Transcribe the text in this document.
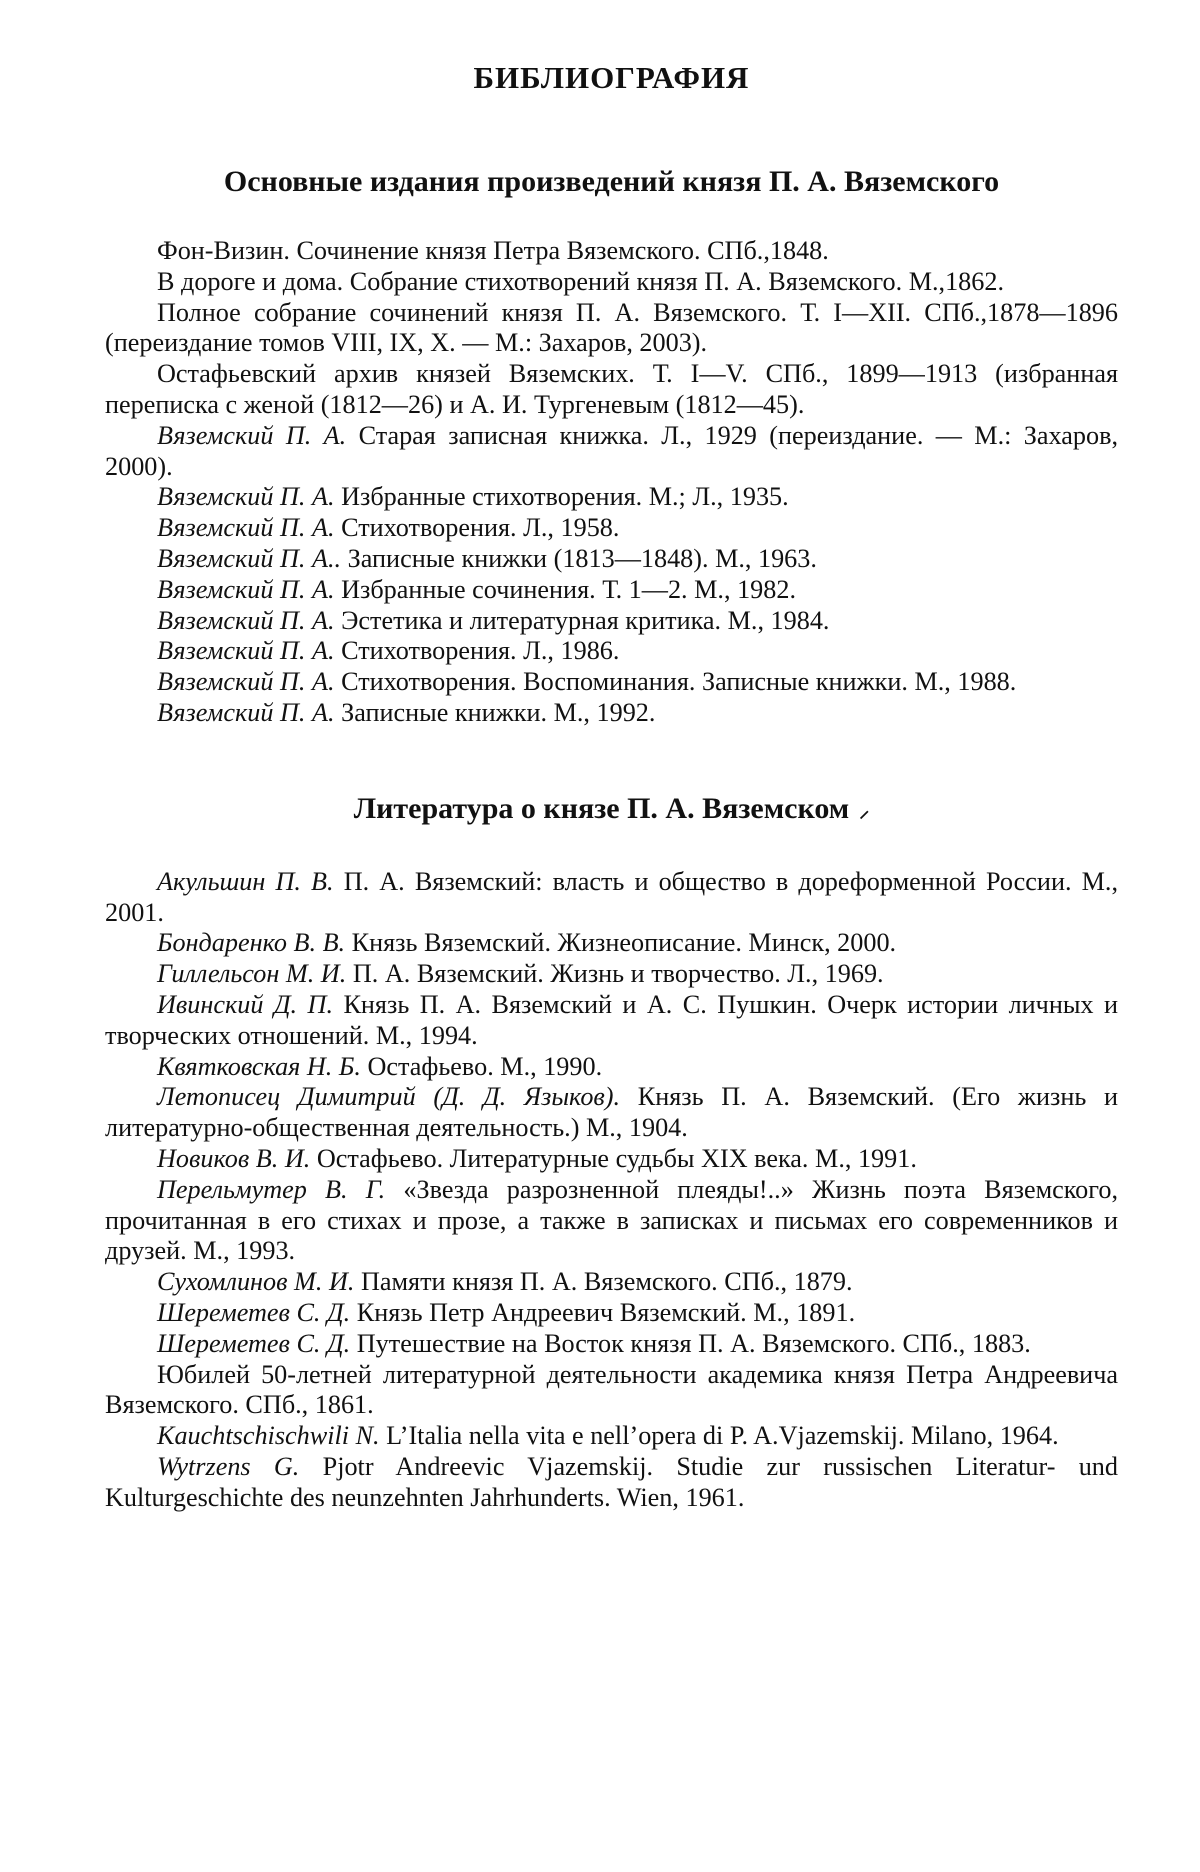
БИБЛИОГРАФИЯ
Основные издания произведений князя П. А. Вяземского
Фон-Визин. Сочинение князя Петра Вяземского. СПб.,1848.
В дороге и дома. Собрание стихотворений князя П. А. Вяземского. М.,1862.
Полное собрание сочинений князя П. А. Вяземского. Т. I—XII. СПб.,1878—1896 (переиздание томов VIII, IX, X. — М.: Захаров, 2003).
Остафьевский архив князей Вяземских. Т. I—V. СПб., 1899—1913 (избранная переписка с женой (1812—26) и А. И. Тургеневым (1812—45).
Вяземский П. А. Старая записная книжка. Л., 1929 (переиздание. — М.: Захаров, 2000).
Вяземский П. А. Избранные стихотворения. М.; Л., 1935.
Вяземский П. А. Стихотворения. Л., 1958.
Вяземский П. А.. Записные книжки (1813—1848). М., 1963.
Вяземский П. А. Избранные сочинения. Т. 1—2. М., 1982.
Вяземский П. А. Эстетика и литературная критика. М., 1984.
Вяземский П. А. Стихотворения. Л., 1986.
Вяземский П. А. Стихотворения. Воспоминания. Записные книжки. М., 1988.
Вяземский П. А. Записные книжки. М., 1992.
Литература о князе П. А. Вяземском ⸝
Акульшин П. В. П. А. Вяземский: власть и общество в дореформенной России. М., 2001.
Бондаренко В. В. Князь Вяземский. Жизнеописание. Минск, 2000.
Гиллельсон М. И. П. А. Вяземский. Жизнь и творчество. Л., 1969.
Ивинский Д. П. Князь П. А. Вяземский и А. С. Пушкин. Очерк истории личных и творческих отношений. М., 1994.
Квятковская Н. Б. Остафьево. М., 1990.
Летописец Димитрий (Д. Д. Языков). Князь П. А. Вяземский. (Его жизнь и литературно-общественная деятельность.) М., 1904.
Новиков В. И. Остафьево. Литературные судьбы XIX века. М., 1991.
Перельмутер В. Г. «Звезда разрозненной плеяды!..» Жизнь поэта Вяземского, прочитанная в его стихах и прозе, а также в записках и письмах его современников и друзей. М., 1993.
Сухомлинов М. И. Памяти князя П. А. Вяземского. СПб., 1879.
Шереметев С. Д. Князь Петр Андреевич Вяземский. М., 1891.
Шереметев С. Д. Путешествие на Восток князя П. А. Вяземского. СПб., 1883.
Юбилей 50-летней литературной деятельности академика князя Петра Андреевича Вяземского. СПб., 1861.
Kauchtschischwili N. L’Italia nella vita e nell’opera di P. A.Vjazemskij. Milano, 1964.
Wytrzens G. Pjotr Andreevic Vjazemskij. Studie zur russischen Literatur- und Kulturgeschichte des neunzehnten Jahrhunderts. Wien, 1961.
